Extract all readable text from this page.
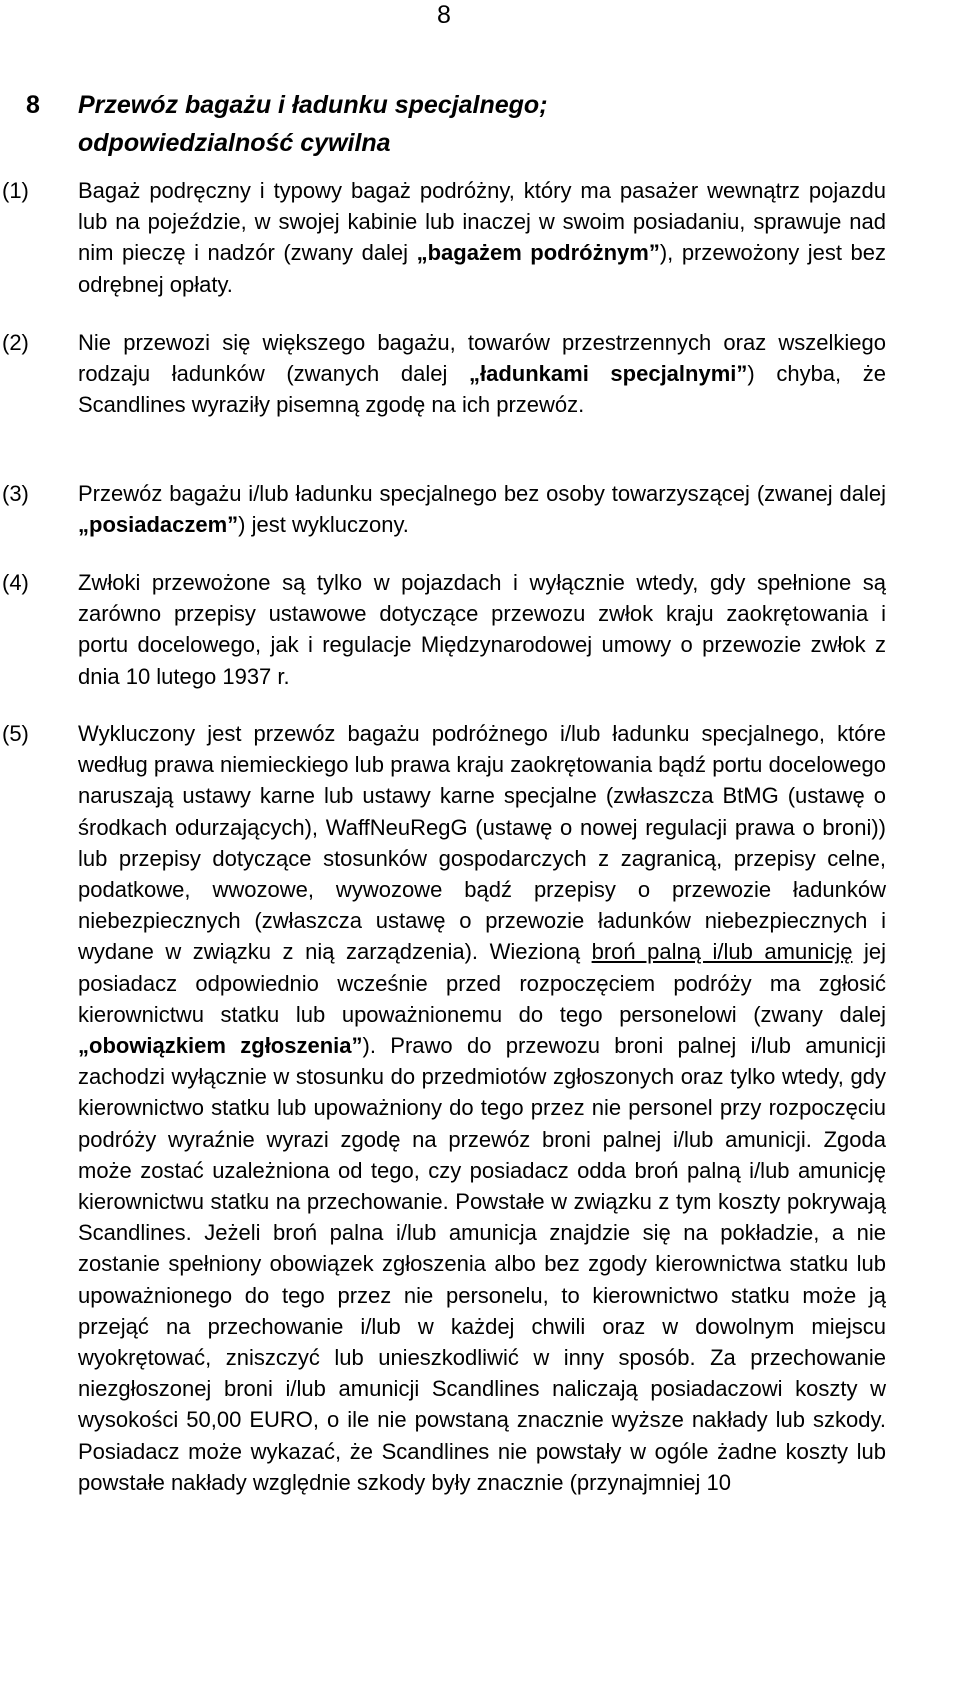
8
8 Przewóz bagażu i ładunku specjalnego;
odpowiedzialność cywilna
(1) Bagaż podręczny i typowy bagaż podróżny, który ma pasażer wewnątrz pojazdu lub na pojeździe, w swojej kabinie lub inaczej w swoim posiadaniu, sprawuje nad nim pieczę i nadzór (zwany dalej „bagażem podróżnym”), przewożony jest bez odrębnej opłaty.
(2) Nie przewozi się większego bagażu, towarów przestrzennych oraz wszelkiego rodzaju ładunków (zwanych dalej „ładunkami specjalnymi”) chyba, że Scandlines wyraziły pisemną zgodę na ich przewóz.
(3) Przewóz bagażu i/lub ładunku specjalnego bez osoby towarzyszącej (zwanej dalej „posiadaczem”) jest wykluczony.
(4) Zwłoki przewożone są tylko w pojazdach i wyłącznie wtedy, gdy spełnione są zarówno przepisy ustawowe dotyczące przewozu zwłok kraju zaokrętowania i portu docelowego, jak i regulacje Międzynarodowej umowy o przewozie zwłok z dnia 10 lutego 1937 r.
(5) Wykluczony jest przewóz bagażu podróżnego i/lub ładunku specjalnego, które według prawa niemieckiego lub prawa kraju zaokrętowania bądź portu docelowego naruszają ustawy karne lub ustawy karne specjalne (zwłaszcza BtMG (ustawę o środkach odurzających), WaffNeuRegG (ustawę o nowej regulacji prawa o broni)) lub przepisy dotyczące stosunków gospodarczych z zagranicą, przepisy celne, podatkowe, wwozowe, wywozowe bądź przepisy o przewozie ładunków niebezpiecznych (zwłaszcza ustawę o przewozie ładunków niebezpiecznych i wydane w związku z nią zarządzenia). Wiezioną broń palną i/lub amunicję jej posiadacz odpowiednio wcześnie przed rozpoczęciem podróży ma zgłosić kierownictwu statku lub upoważnionemu do tego personelowi (zwany dalej „obowiązkiem zgłoszenia”). Prawo do przewozu broni palnej i/lub amunicji zachodzi wyłącznie w stosunku do przedmiotów zgłoszonych oraz tylko wtedy, gdy kierownictwo statku lub upoważniony do tego przez nie personel przy rozpoczęciu podróży wyraźnie wyrazi zgodę na przewóz broni palnej i/lub amunicji. Zgoda może zostać uzależniona od tego, czy posiadacz odda broń palną i/lub amunicję kierownictwu statku na przechowanie. Powstałe w związku z tym koszty pokrywają Scandlines. Jeżeli broń palna i/lub amunicja znajdzie się na pokładzie, a nie zostanie spełniony obowiązek zgłoszenia albo bez zgody kierownictwa statku lub upoważnionego do tego przez nie personelu, to kierownictwo statku może ją przejąć na przechowanie i/lub w każdej chwili oraz w dowolnym miejscu wyokrętować, zniszczyć lub unieszkodliwić w inny sposób. Za przechowanie niezgłoszonej broni i/lub amunicji Scandlines naliczają posiadaczowi koszty w wysokości 50,00 EURO, o ile nie powstaną znacznie wyższe nakłady lub szkody. Posiadacz może wykazać, że Scandlines nie powstały w ogóle żadne koszty lub powstałe nakłady względnie szkody były znacznie (przynajmniej 10
